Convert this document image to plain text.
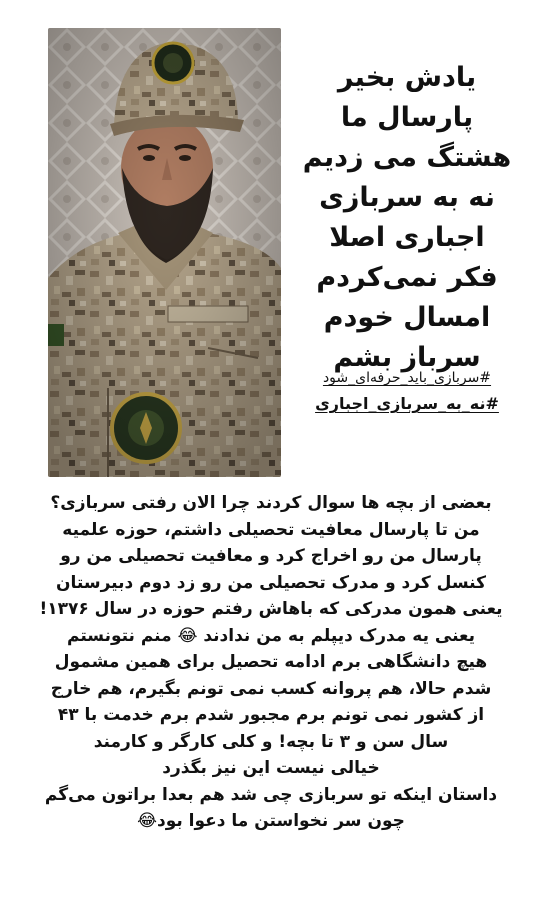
یادش بخیر
پارسال ما
هشتگ می زدیم
نه به سربازی
اجباری اصلا
فکر نمی‌کردم
امسال خودم
سرباز بشم
#سربازی_باید_حرفه‌ای_شود
#نه_به_سربازی_اجباری
بعضی از بچه ها سوال کردند چرا الان رفتی سربازی؟
من تا پارسال معافیت تحصیلی داشتم، حوزه علمیه
پارسال من رو اخراج کرد و معافیت تحصیلی من رو
کنسل کرد و مدرک تحصیلی من رو زد دوم دبیرستان
یعنی همون مدرکی که باهاش رفتم حوزه در سال ۱۳۷۶!
یعنی یه مدرک دیپلم به من ندادند 😂 منم نتونستم
هیچ دانشگاهی برم ادامه تحصیل برای همین مشمول
شدم حالا، هم پروانه کسب نمی تونم بگیرم، هم خارج
از کشور نمی تونم برم مجبور شدم برم خدمت با ۴۳
سال سن و ۳ تا بچه! و کلی کارگر و کارمند
خیالی نیست این نیز بگذرد
داستان اینکه تو سربازی چی شد هم بعدا براتون می‌گم
چون سر نخواستن ما دعوا بود😂
